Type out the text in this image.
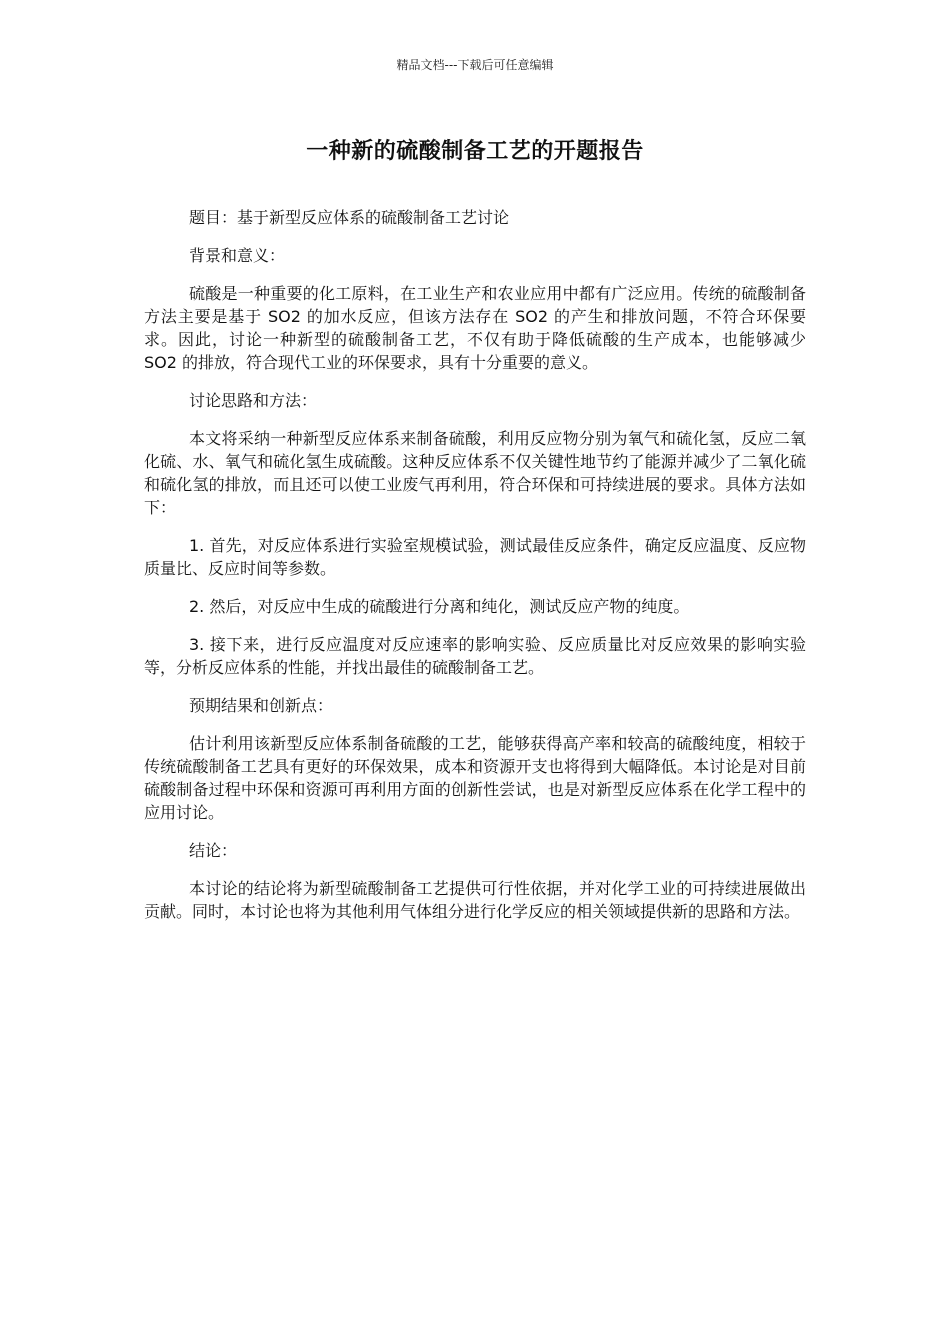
精品文档---下载后可任意编辑
一种新的硫酸制备工艺的开题报告

题目：基于新型反应体系的硫酸制备工艺讨论

背景和意义：

硫酸是一种重要的化工原料，在工业生产和农业应用中都有广泛应用。传统的硫酸制备方法主要是基于 SO2 的加水反应，但该方法存在 SO2 的产生和排放问题，不符合环保要求。因此，讨论一种新型的硫酸制备工艺，不仅有助于降低硫酸的生产成本，也能够减少 SO2 的排放，符合现代工业的环保要求，具有十分重要的意义。

讨论思路和方法：

本文将采纳一种新型反应体系来制备硫酸，利用反应物分别为氧气和硫化氢，反应二氧化硫、水、氧气和硫化氢生成硫酸。这种反应体系不仅关键性地节约了能源并减少了二氧化硫和硫化氢的排放，而且还可以使工业废气再利用，符合环保和可持续进展的要求。具体方法如下：

1. 首先，对反应体系进行实验室规模试验，测试最佳反应条件，确定反应温度、反应物质量比、反应时间等参数。

2. 然后，对反应中生成的硫酸进行分离和纯化，测试反应产物的纯度。

3. 接下来，进行反应温度对反应速率的影响实验、反应质量比对反应效果的影响实验等，分析反应体系的性能，并找出最佳的硫酸制备工艺。

预期结果和创新点：

估计利用该新型反应体系制备硫酸的工艺，能够获得高产率和较高的硫酸纯度，相较于传统硫酸制备工艺具有更好的环保效果，成本和资源开支也将得到大幅降低。本讨论是对目前硫酸制备过程中环保和资源可再利用方面的创新性尝试，也是对新型反应体系在化学工程中的应用讨论。

结论：

本讨论的结论将为新型硫酸制备工艺提供可行性依据，并对化学工业的可持续进展做出贡献。同时，本讨论也将为其他利用气体组分进行化学反应的相关领域提供新的思路和方法。
